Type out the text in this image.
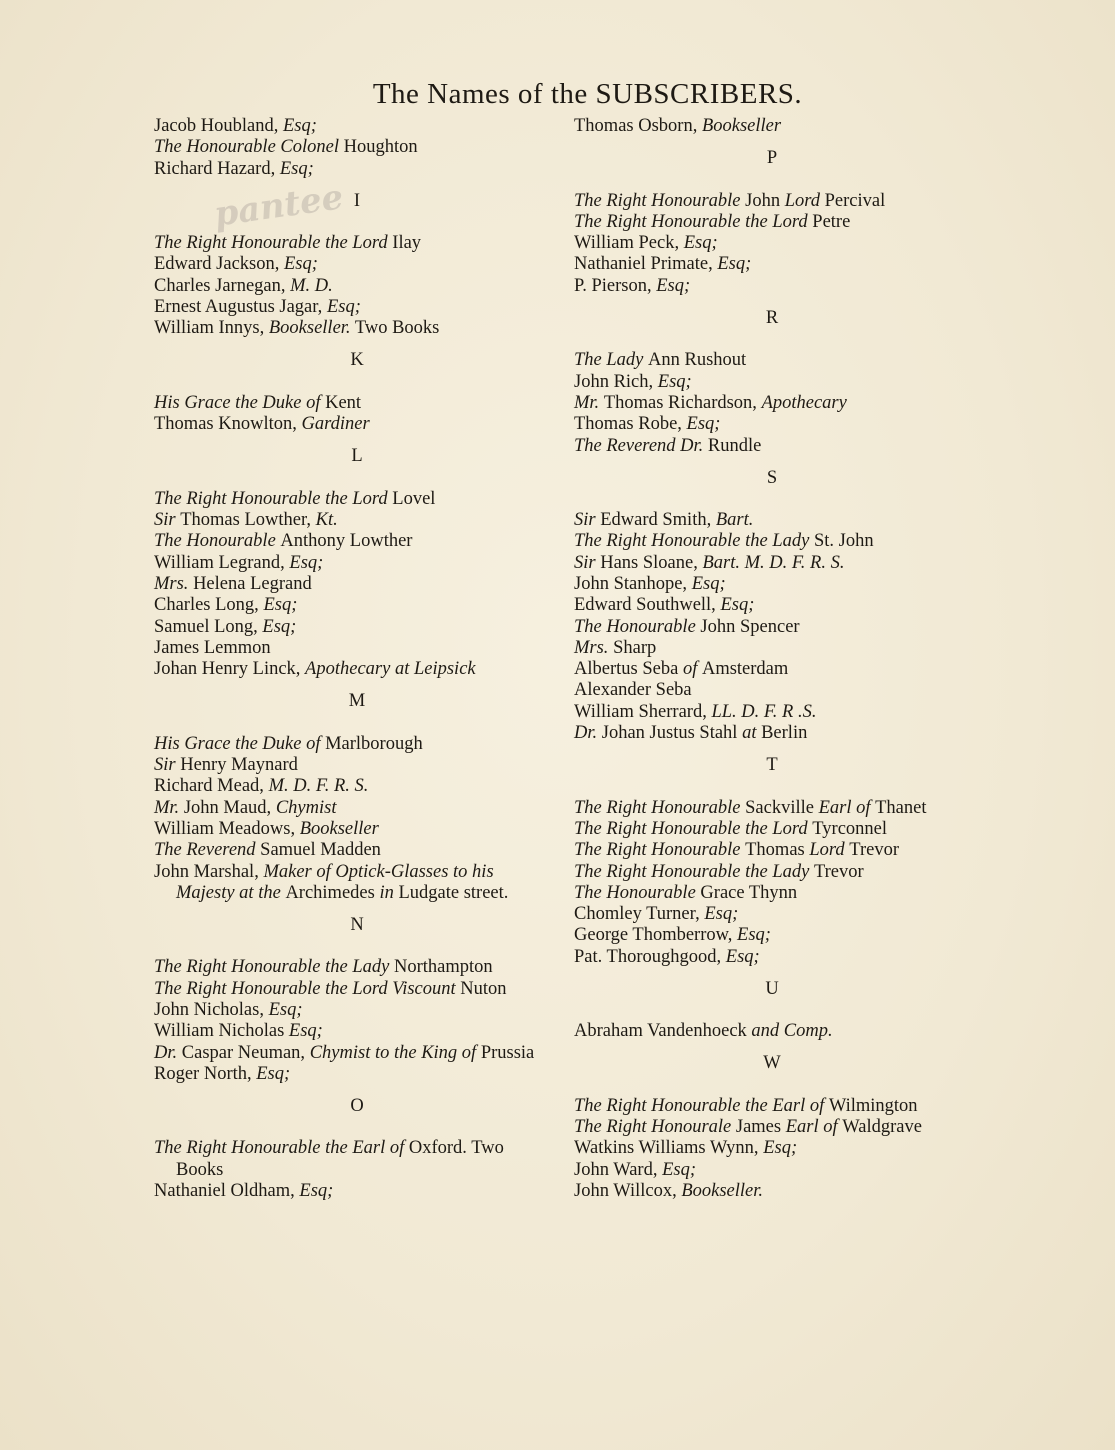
pantee
The Names of the SUBSCRIBERS.
Jacob Houbland, Esq;
The Honourable Colonel Houghton
Richard Hazard, Esq;
I
The Right Honourable the Lord Ilay
Edward Jackson, Esq;
Charles Jarnegan, M. D.
Ernest Augustus Jagar, Esq;
William Innys, Bookseller. Two Books
K
His Grace the Duke of Kent
Thomas Knowlton, Gardiner
L
The Right Honourable the Lord Lovel
Sir Thomas Lowther, Kt.
The Honourable Anthony Lowther
William Legrand, Esq;
Mrs. Helena Legrand
Charles Long, Esq;
Samuel Long, Esq;
James Lemmon
Johan Henry Linck, Apothecary at Leipsick
M
His Grace the Duke of Marlborough
Sir Henry Maynard
Richard Mead, M. D. F. R. S.
Mr. John Maud, Chymist
William Meadows, Bookseller
The Reverend Samuel Madden
John Marshal, Maker of Optick-Glasses to his
Majesty at the Archimedes in Ludgate street.
N
The Right Honourable the Lady Northampton
The Right Honourable the Lord Viscount Nuton
John Nicholas, Esq;
William Nicholas Esq;
Dr. Caspar Neuman, Chymist to the King of Prussia
Roger North, Esq;
O
The Right Honourable the Earl of Oxford. Two
Books
Nathaniel Oldham, Esq;
Thomas Osborn, Bookseller
P
The Right Honourable John Lord Percival
The Right Honourable the Lord Petre
William Peck, Esq;
Nathaniel Primate, Esq;
P. Pierson, Esq;
R
The Lady Ann Rushout
John Rich, Esq;
Mr. Thomas Richardson, Apothecary
Thomas Robe, Esq;
The Reverend Dr. Rundle
S
Sir Edward Smith, Bart.
The Right Honourable the Lady St. John
Sir Hans Sloane, Bart. M. D. F. R. S.
John Stanhope, Esq;
Edward Southwell, Esq;
The Honourable John Spencer
Mrs. Sharp
Albertus Seba of Amsterdam
Alexander Seba
William Sherrard, LL. D. F. R .S.
Dr. Johan Justus Stahl at Berlin
T
The Right Honourable Sackville Earl of Thanet
The Right Honourable the Lord Tyrconnel
The Right Honourable Thomas Lord Trevor
The Right Honourable the Lady Trevor
The Honourable Grace Thynn
Chomley Turner, Esq;
George Thomberrow, Esq;
Pat. Thoroughgood, Esq;
U
Abraham Vandenhoeck and Comp.
W
The Right Honourable the Earl of Wilmington
The Right Honourale James Earl of Waldgrave
Watkins Williams Wynn, Esq;
John Ward, Esq;
John Willcox, Bookseller.
